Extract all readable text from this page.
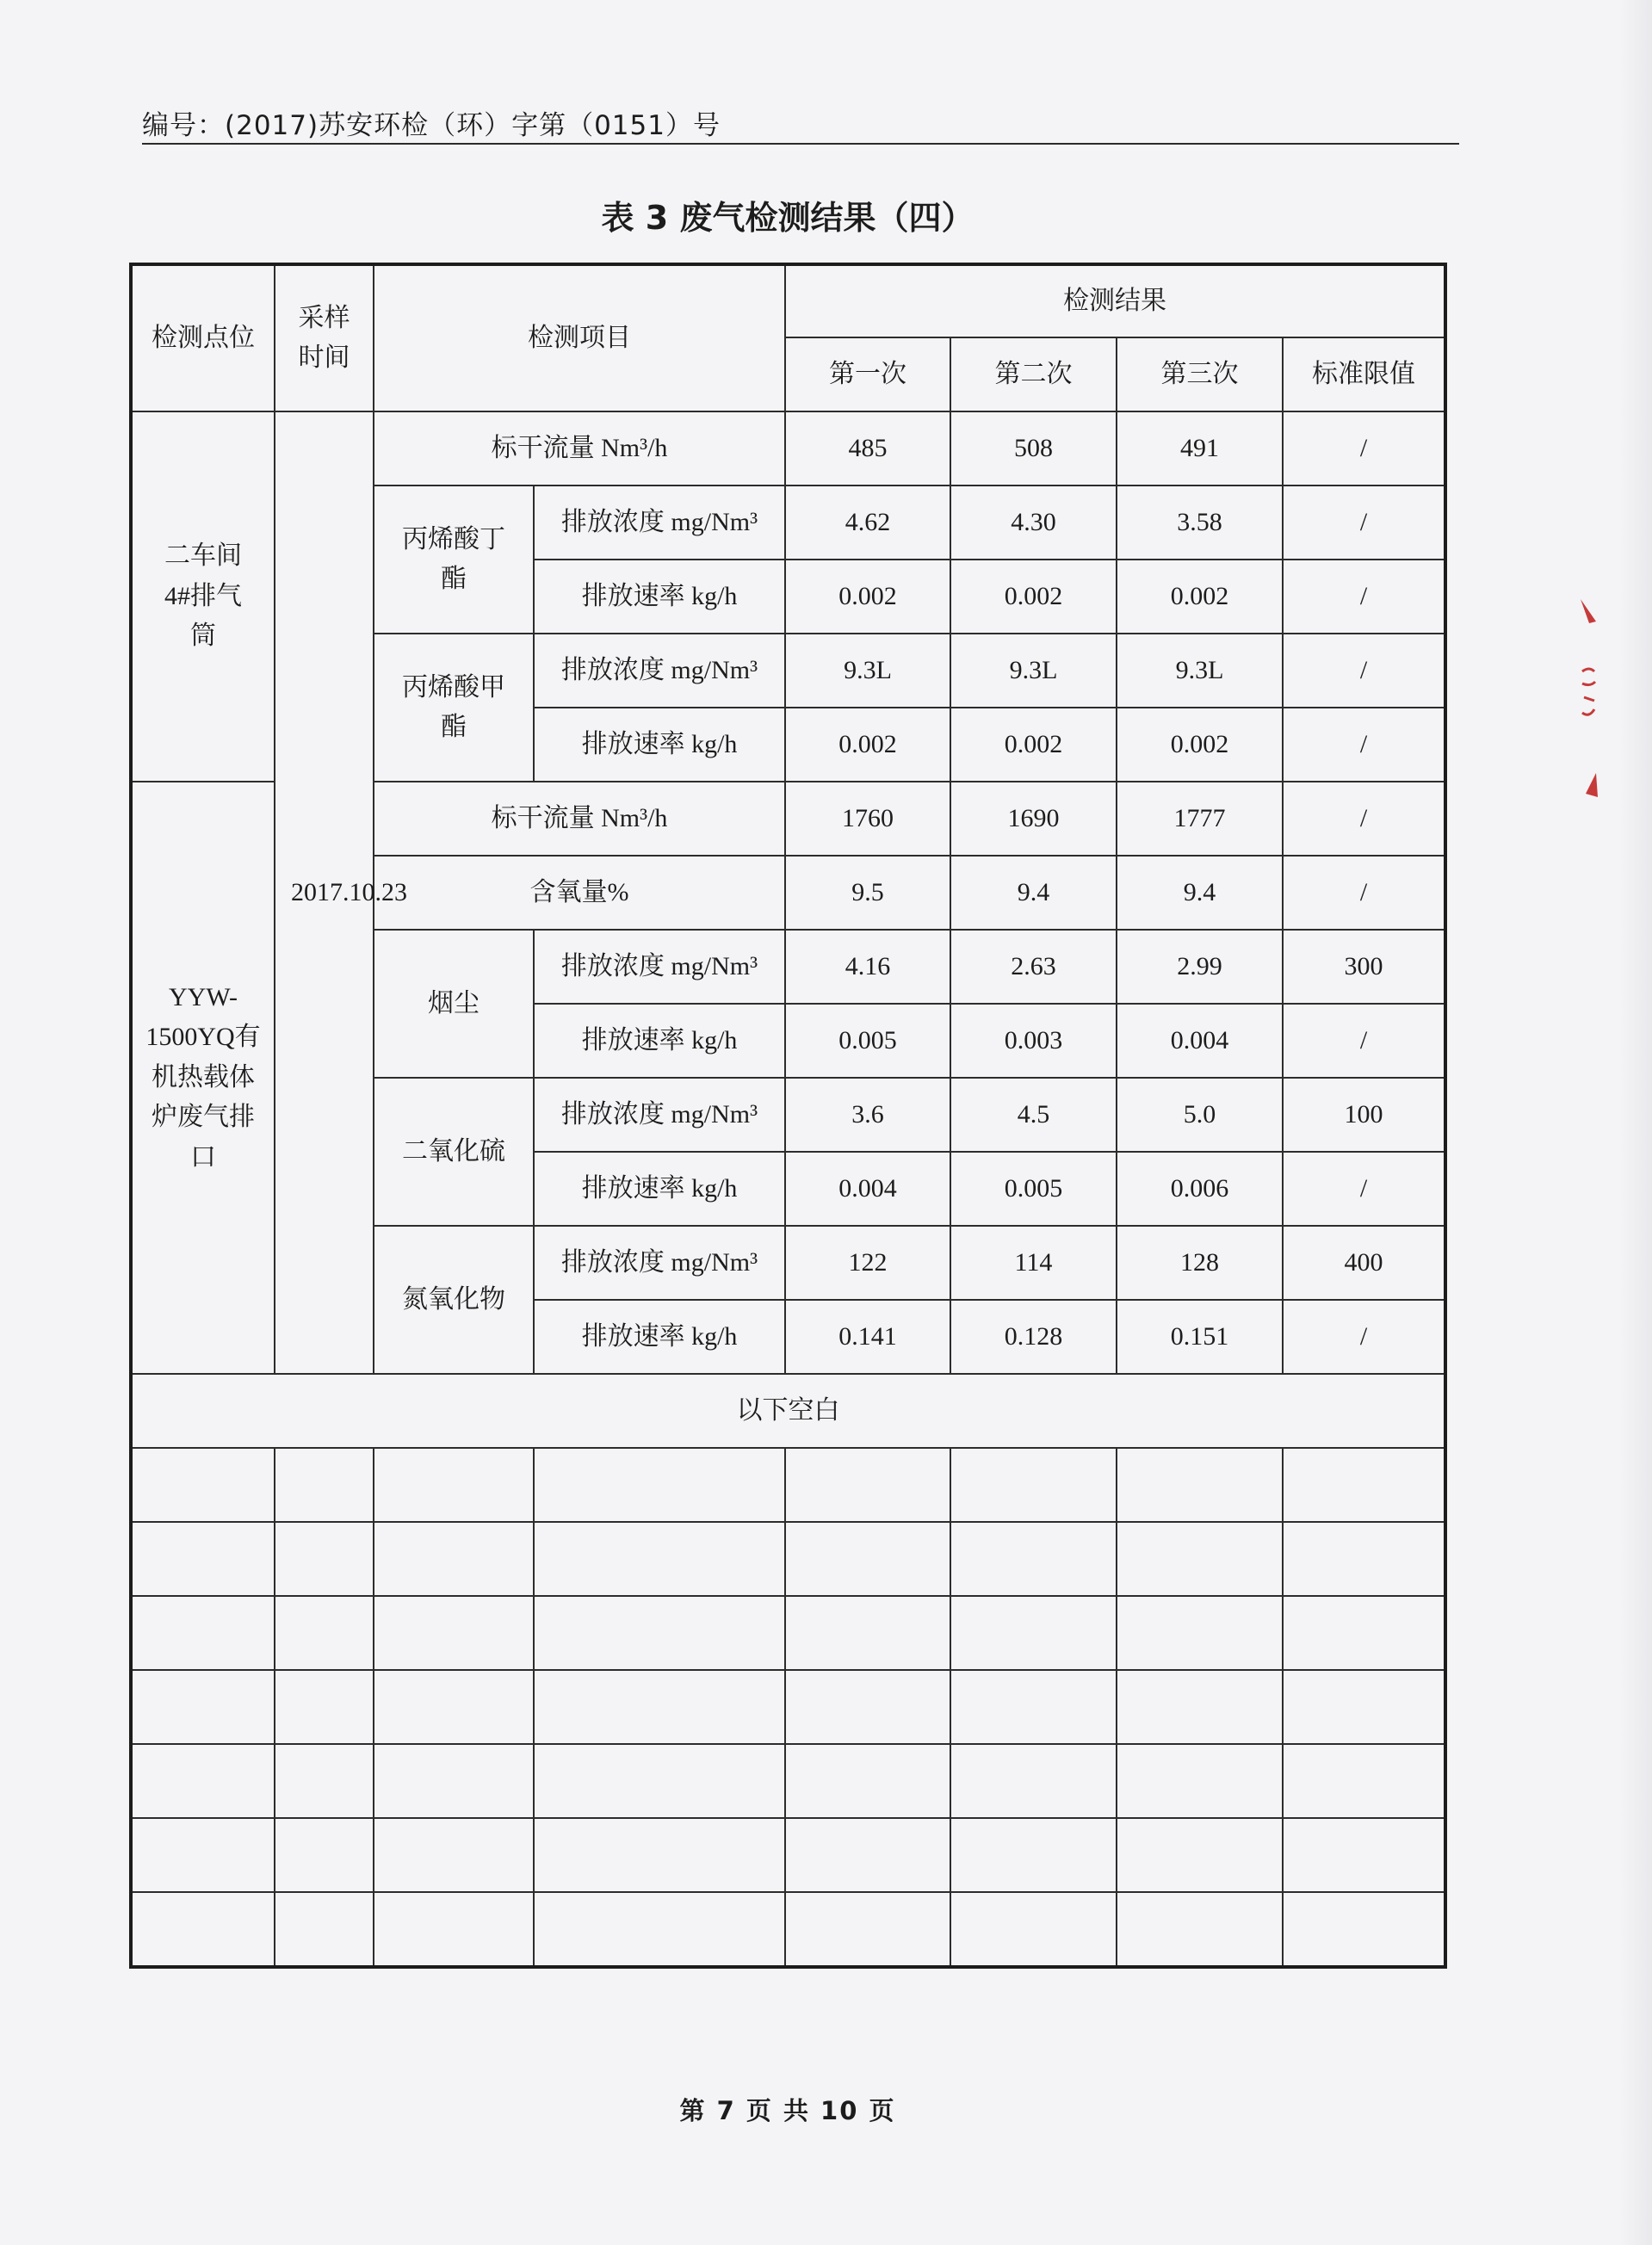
编号：(2017)苏安环检（环）字第（0151）号
表 3 废气检测结果（四）
检测点位	采样时间	检测项目		检测结果			
				第一次	第二次	第三次	标准限值
二车间4#排气筒	2017.10.23	标干流量 Nm³/h		485	508	491	/
		丙烯酸丁酯	排放浓度 mg/Nm³	4.62	4.30	3.58	/
			排放速率 kg/h	0.002	0.002	0.002	/
		丙烯酸甲酯	排放浓度 mg/Nm³	9.3L	9.3L	9.3L	/
			排放速率 kg/h	0.002	0.002	0.002	/
YYW-1500YQ有机热载体炉废气排口		标干流量 Nm³/h		1760	1690	1777	/
		含氧量%		9.5	9.4	9.4	/
		烟尘	排放浓度 mg/Nm³	4.16	2.63	2.99	300
			排放速率 kg/h	0.005	0.003	0.004	/
		二氧化硫	排放浓度 mg/Nm³	3.6	4.5	5.0	100
			排放速率 kg/h	0.004	0.005	0.006	/
		氮氧化物	排放浓度 mg/Nm³	122	114	128	400
			排放速率 kg/h	0.141	0.128	0.151	/
以下空白							

第 7 页 共 10 页
